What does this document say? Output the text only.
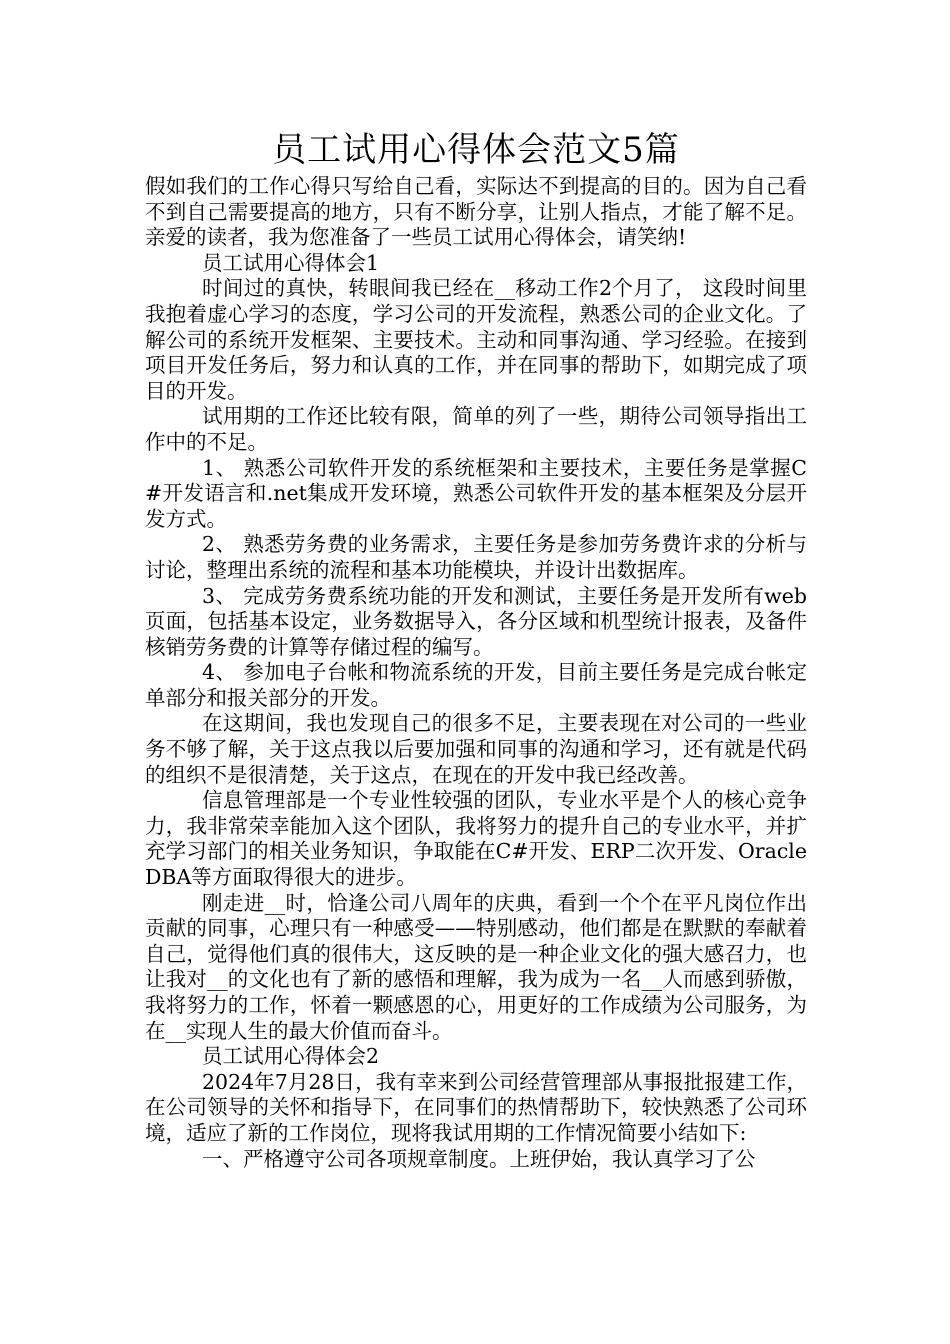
员工试用心得体会范文5篇

假如我们的工作心得只写给自己看，实际达不到提高的目的。因为自己看不到自己需要提高的地方，只有不断分享，让别人指点，才能了解不足。亲爱的读者，我为您准备了一些员工试用心得体会，请笑纳!

员工试用心得体会1

时间过的真快，转眼间我已经在__移动工作2个月了， 这段时间里我抱着虚心学习的态度，学习公司的开发流程，熟悉公司的企业文化。了解公司的系统开发框架、主要技术。主动和同事沟通、学习经验。在接到项目开发任务后，努力和认真的工作，并在同事的帮助下，如期完成了项目的开发。

试用期的工作还比较有限，简单的列了一些，期待公司领导指出工作中的不足。

1、 熟悉公司软件开发的系统框架和主要技术，主要任务是掌握C#开发语言和.net集成开发环境，熟悉公司软件开发的基本框架及分层开发方式。

2、 熟悉劳务费的业务需求，主要任务是参加劳务费许求的分析与讨论，整理出系统的流程和基本功能模块，并设计出数据库。

3、 完成劳务费系统功能的开发和测试，主要任务是开发所有web页面，包括基本设定，业务数据导入，各分区域和机型统计报表，及备件核销劳务费的计算等存储过程的编写。

4、 参加电子台帐和物流系统的开发，目前主要任务是完成台帐定单部分和报关部分的开发。

在这期间，我也发现自己的很多不足，主要表现在对公司的一些业务不够了解，关于这点我以后要加强和同事的沟通和学习，还有就是代码的组织不是很清楚，关于这点，在现在的开发中我已经改善。

信息管理部是一个专业性较强的团队，专业水平是个人的核心竞争力，我非常荣幸能加入这个团队，我将努力的提升自己的专业水平，并扩充学习部门的相关业务知识，争取能在C#开发、ERP二次开发、Oracle DBA等方面取得很大的进步。

刚走进__时，恰逢公司八周年的庆典，看到一个个在平凡岗位作出贡献的同事，心理只有一种感受——特别感动，他们都是在默默的奉献着自己，觉得他们真的很伟大，这反映的是一种企业文化的强大感召力，也让我对__的文化也有了新的感悟和理解，我为成为一名__人而感到骄傲，我将努力的工作，怀着一颗感恩的心，用更好的工作成绩为公司服务，为在__实现人生的最大价值而奋斗。

员工试用心得体会2

2024年7月28日，我有幸来到公司经营管理部从事报批报建工作，在公司领导的关怀和指导下，在同事们的热情帮助下，较快熟悉了公司环境，适应了新的工作岗位，现将我试用期的工作情况简要小结如下:

一、严格遵守公司各项规章制度。上班伊始，我认真学习了公
